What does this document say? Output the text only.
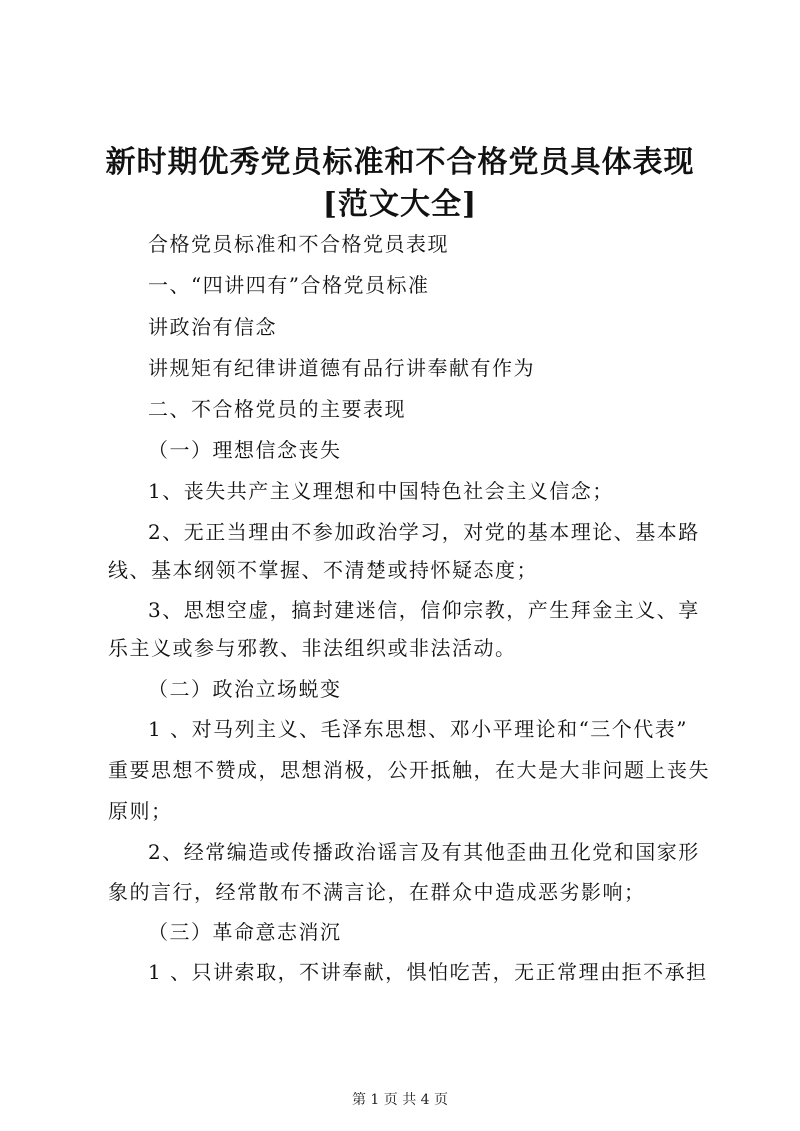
新时期优秀党员标准和不合格党员具体表现
[范文大全]
合格党员标准和不合格党员表现
一、“四讲四有”合格党员标准
讲政治有信念
讲规矩有纪律讲道德有品行讲奉献有作为
二、不合格党员的主要表现
（一）理想信念丧失
1、丧失共产主义理想和中国特色社会主义信念；
2、无正当理由不参加政治学习，对党的基本理论、基本路
线、基本纲领不掌握、不清楚或持怀疑态度；
3、思想空虚，搞封建迷信，信仰宗教，产生拜金主义、享
乐主义或参与邪教、非法组织或非法活动。
（二）政治立场蜕变
1 、对马列主义、毛泽东思想、邓小平理论和“三个代表”
重要思想不赞成，思想消极，公开抵触，在大是大非问题上丧失
原则；
2、经常编造或传播政治谣言及有其他歪曲丑化党和国家形
象的言行，经常散布不满言论，在群众中造成恶劣影响；
（三）革命意志消沉
1 、只讲索取，不讲奉献，惧怕吃苦，无正常理由拒不承担
第 1 页 共 4 页
